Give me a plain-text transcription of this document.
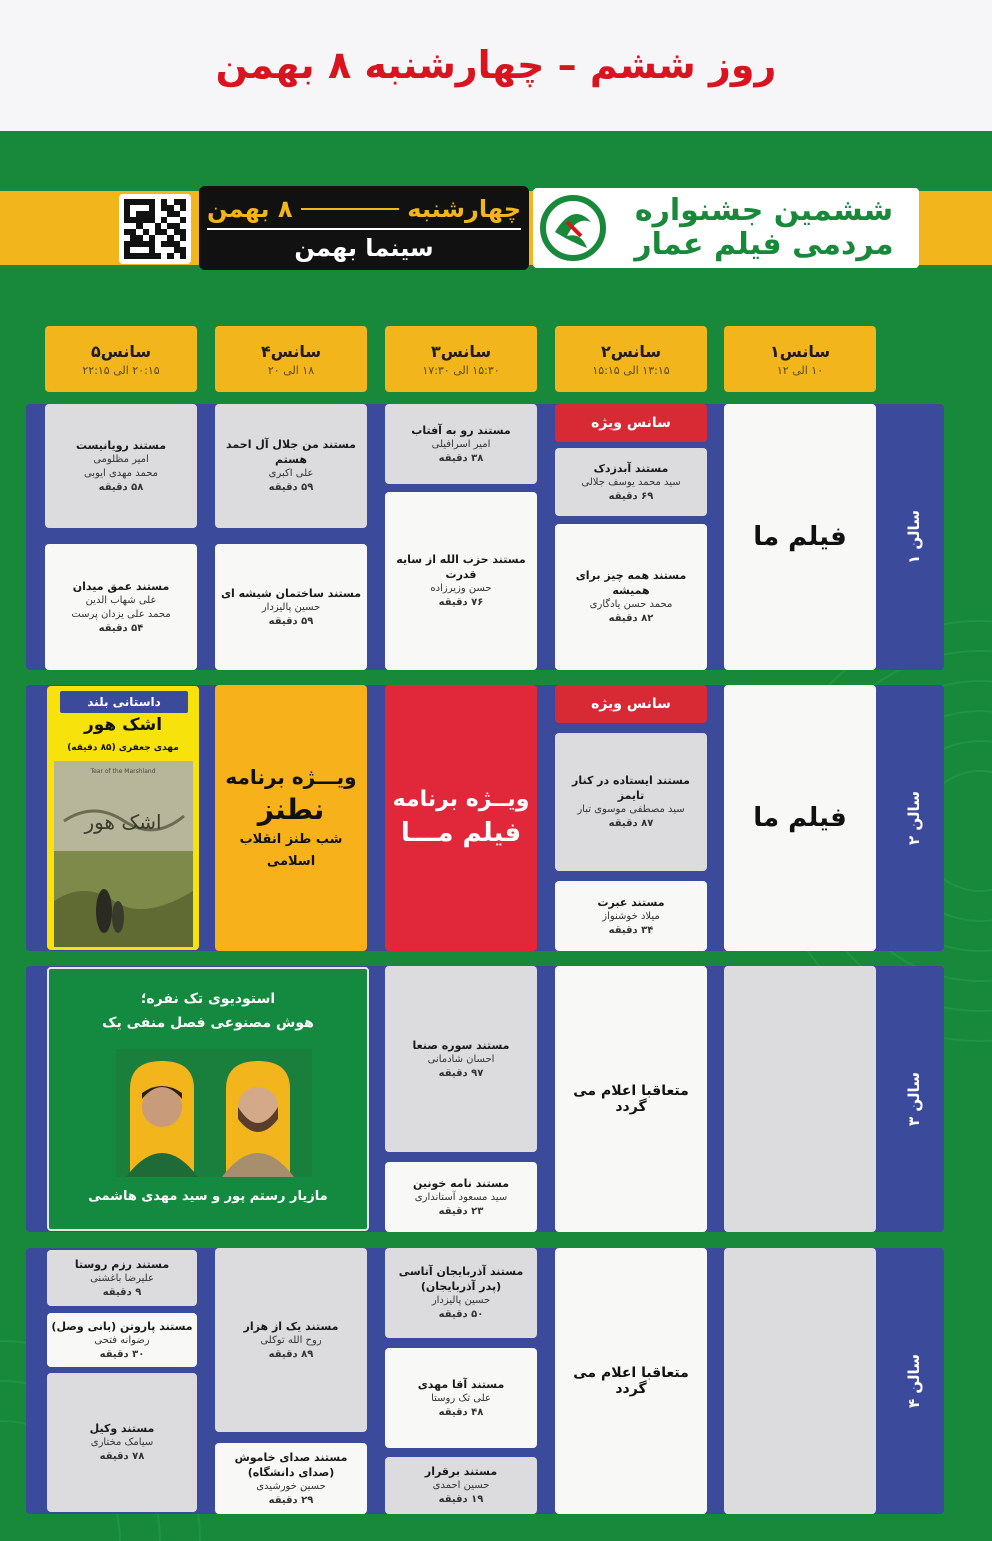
روز ششم – چهارشنبه ۸ بهمن
چهارشنبه
۸ بهمن
سینما بهمن
ششمین جشنواره
مردمی فیلم عمار
سانس۱
۱۰ الی ۱۲
سانس۲
۱۳:۱۵ الی ۱۵:۱۵
سانس۳
۱۵:۳۰ الی ۱۷:۳۰
سانس۴
۱۸ الی ۲۰
سانس۵
۲۰:۱۵ الی ۲۲:۱۵
سالن ۱
فیلم ما
سانس ویژه
مستند آبدزدک
سید محمد یوسف جلالی
۶۹ دقیقه
مستند همه چیز برای همیشه
محمد حسن یادگاری
۸۲ دقیقه
مستند رو به آفتاب
امیر اسرافیلی
۳۸ دقیقه
مستند حزب الله از سایه قدرت
حسن وزیرزاده
۷۶ دقیقه
مستند من جلال آل احمد هستم
علی اکبری
۵۹ دقیقه
مستند ساختمان شیشه ای
حسین پالیزدار
۵۹ دقیقه
مستند رویانیست
امیر مظلومی
محمد مهدی ایوبی
۵۸ دقیقه
مستند عمق میدان
علی شهاب الدین
محمد علی یزدان پرست
۵۴ دقیقه
سالن ۲
فیلم ما
سانس ویژه
مستند ایستاده در کنار تایمز
سید مصطفی موسوی تبار
۸۷ دقیقه
مستند عبرت
میلاد خوشنواز
۳۴ دقیقه
ویــژه برنامه
فیلم مـــا
ویـــژه برنامه
نطنز
شب طنز انقلاب اسلامی
داستانی بلند
اشک هور
مهدی جعفری (۸۵ دقیقه)
Tear of the Marshland
اشک هور
سالن ۳
متعاقبا اعلام می گردد
مستند سوره صنعا
احسان شادمانی
۹۷ دقیقه
مستند نامه خونین
سید مسعود آستانداری
۲۳ دقیقه
استودیوی تک نفره؛
هوش مصنوعی فصل منفی یک
مازیار رستم پور و سید مهدی هاشمی
سالن ۴
متعاقبا اعلام می گردد
مستند آذربایجان آتاسی (پدر آذربایجان)
حسین پالیزدار
۵۰ دقیقه
مستند آقا مهدی
علی تک روستا
۴۸ دقیقه
مستند برقرار
حسین احمدی
۱۹ دقیقه
مستند یک از هزار
روح الله توکلی
۸۹ دقیقه
مستند صدای خاموش (صدای دانشگاه)
حسین خورشیدی
۲۹ دقیقه
مستند رزم روستا
علیرضا باغشنی
۹ دقیقه
مستند پاروتن (بانی وصل)
رضوانه فتحی
۳۰ دقیقه
مستند وکیل
سیامک مختاری
۷۸ دقیقه
